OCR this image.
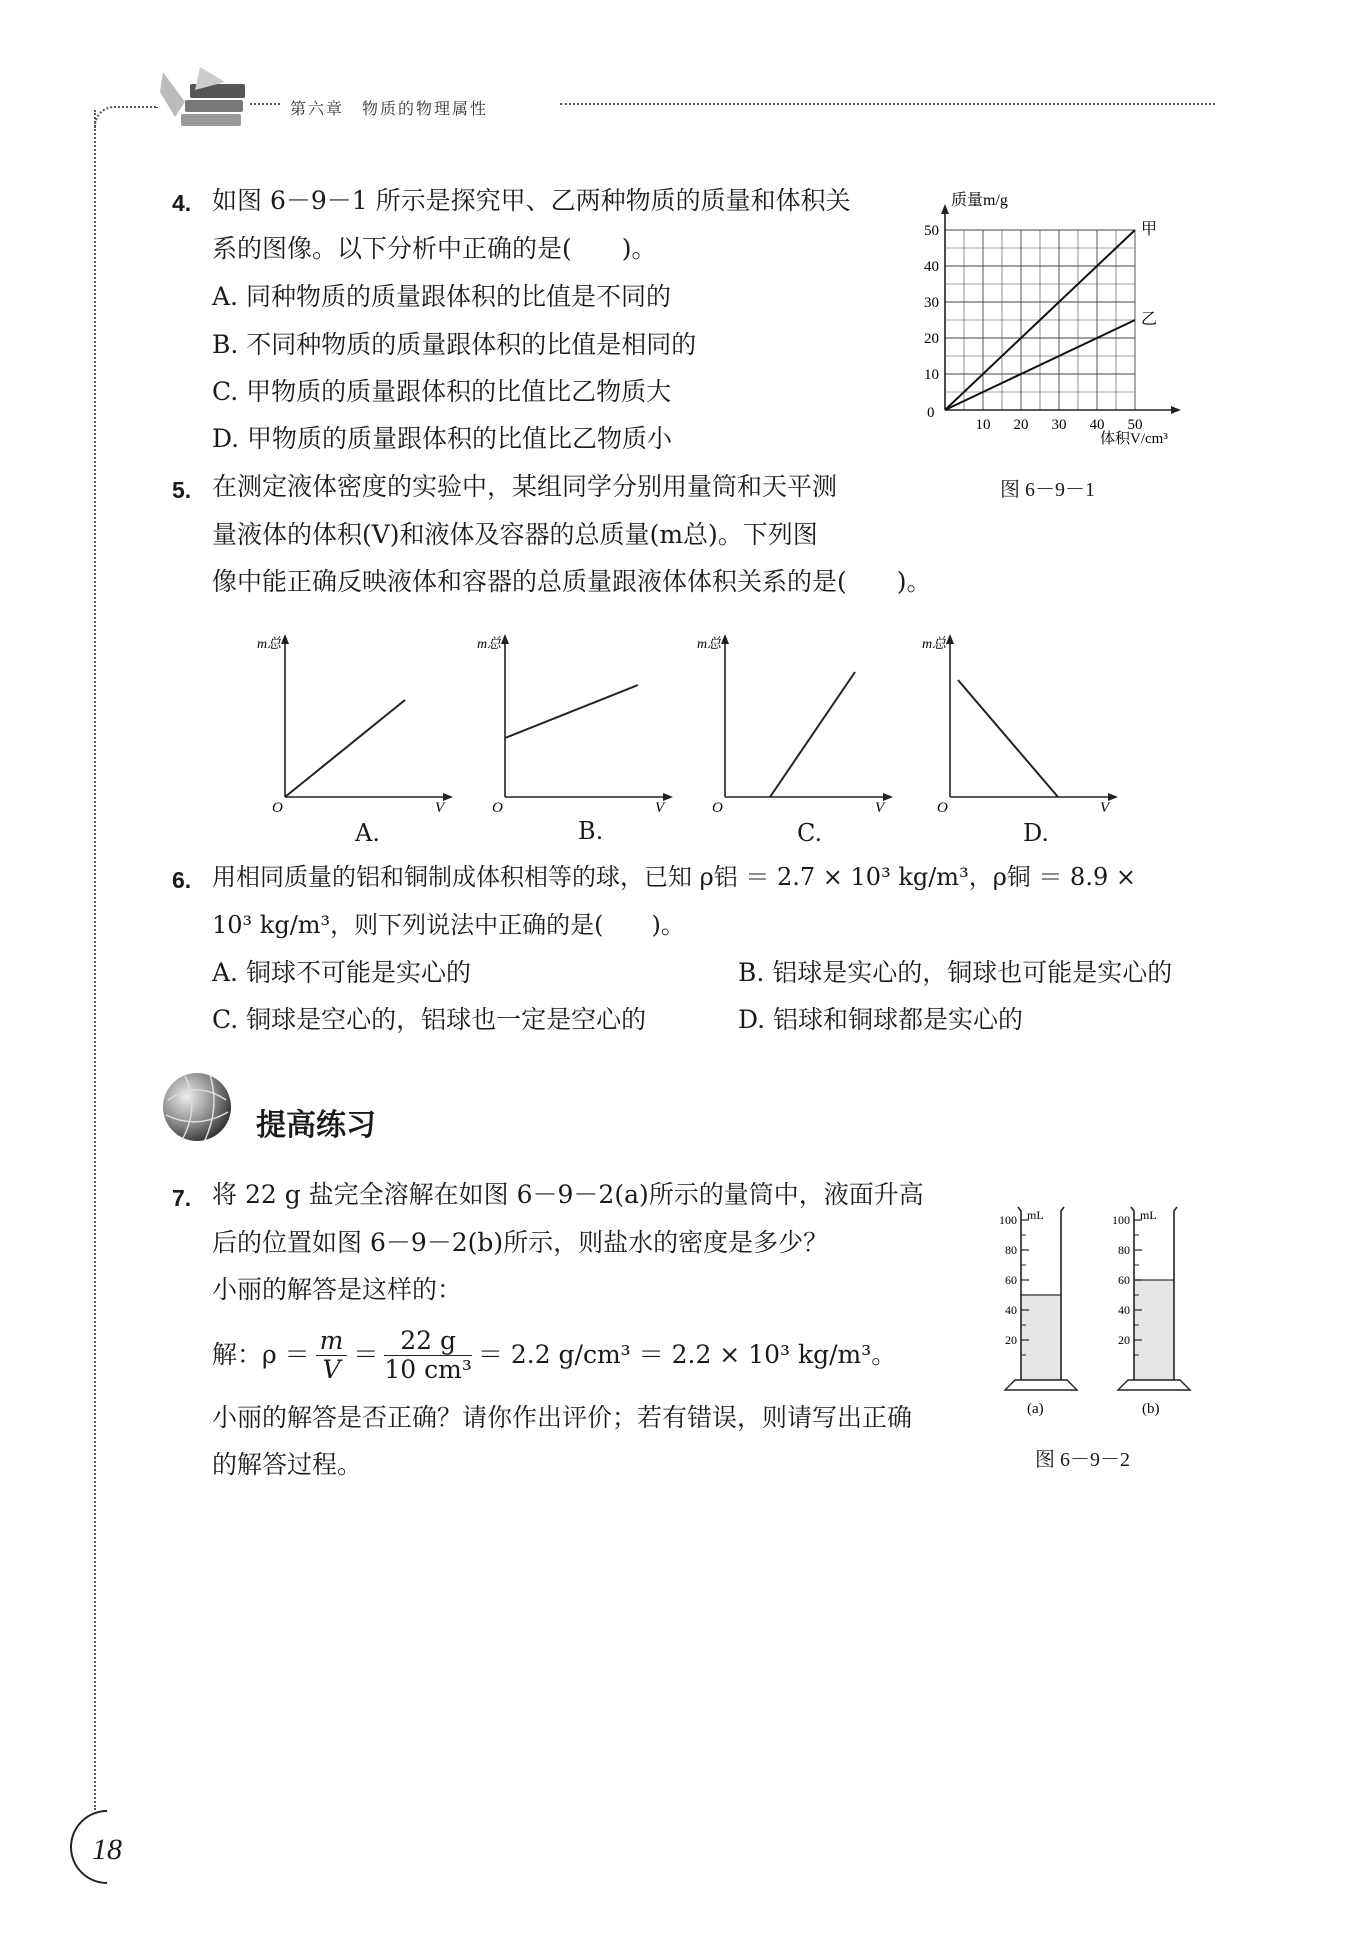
第六章　物质的物理属性
4. 如图 6－9－1 所示是探究甲、乙两种物质的质量和体积关
系的图像。以下分析中正确的是(　　)。
A. 同种物质的质量跟体积的比值是不同的
B. 不同种物质的质量跟体积的比值是相同的
C. 甲物质的质量跟体积的比值比乙物质大
D. 甲物质的质量跟体积的比值比乙物质小	10 20 30 40 50
10
20
30
40
50	甲
乙
质量m/g
体积V/cm³
0
图 6－9－1
5. 在测定液体密度的实验中，某组同学分别用量筒和天平测
量液体的体积(V)和液体及容器的总质量(m总)。下列图
像中能正确反映液体和容器的总质量跟液体体积关系的是(　　)。
m总
V
O
m总
V
O
m总
V
O
m总
V
O
A.	B.	C.	D.
6. 用相同质量的铝和铜制成体积相等的球，已知 ρ铝 ＝ 2.7 × 10³ kg/m³，ρ铜 ＝ 8.9 ×
10³ kg/m³，则下列说法中正确的是(　　)。
A. 铜球不可能是实心的	B. 铝球是实心的，铜球也可能是实心的
C. 铜球是空心的，铝球也一定是空心的	D. 铝球和铜球都是实心的
提高练习
7. 将 22 g 盐完全溶解在如图 6－9－2(a)所示的量筒中，液面升高
后的位置如图 6－9－2(b)所示，则盐水的密度是多少？
小丽的解答是这样的：
解：$\rho = \frac{m}{V} = \frac{22 g}{\text{10 cm³}} = 2.2$ g/cm³ ＝ 2.2 × 10³ kg/m³。
小丽的解答是否正确？请你作出评价；若有错误，则请写出正确
的解答过程。
100
80
60
40
20
mL	100
80
60
40
20
mL
(a)	(b)
图 6－9－2
18
